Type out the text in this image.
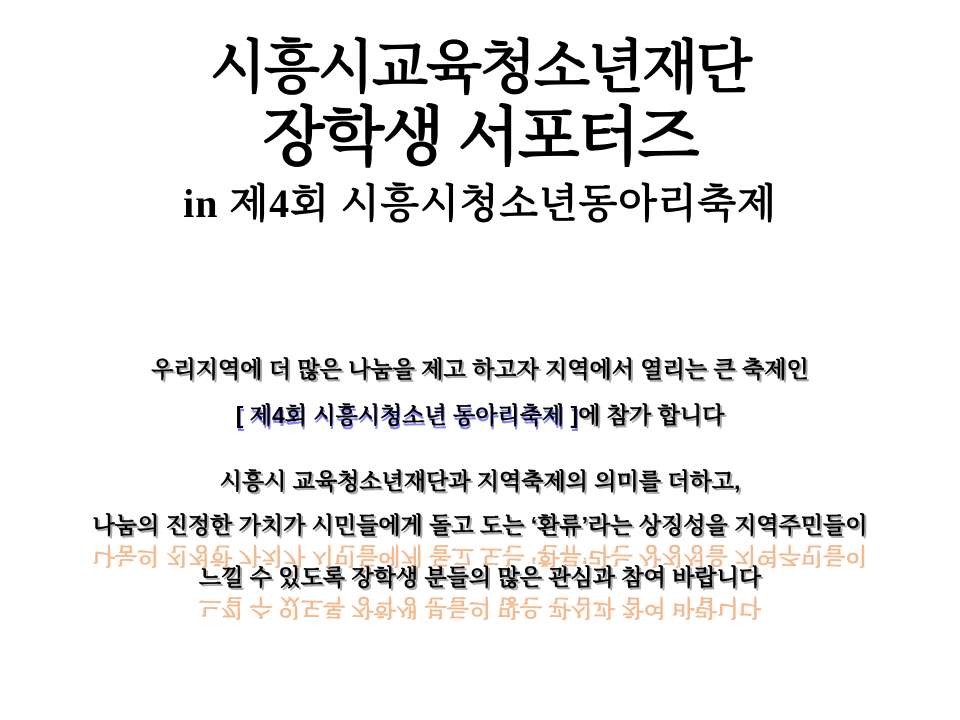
시흥시교육청소년재단
장학생 서포터즈
in 제4회 시흥시청소년동아리축제
우리지역에 더 많은 나눔을 제고 하고자 지역에서 열리는 큰 축제인
[ 제4회 시흥시청소년 동아리축제 ]에 참가 합니다
시흥시 교육청소년재단과 지역축제의 의미를 더하고,
나눔의 진정한 가치가 시민들에게 돌고 도는 ‘환류’라는 상징성을 지역주민들이
나눔의 진정한 가치가 시민들에게 돌고 도는 ‘환류’라는 상징성을 지역주민들이
느낄 수 있도록 장학생 분들의 많은 관심과 참여 바랍니다
느낄 수 있도록 장학생 분들의 많은 관심과 참여 바랍니다
